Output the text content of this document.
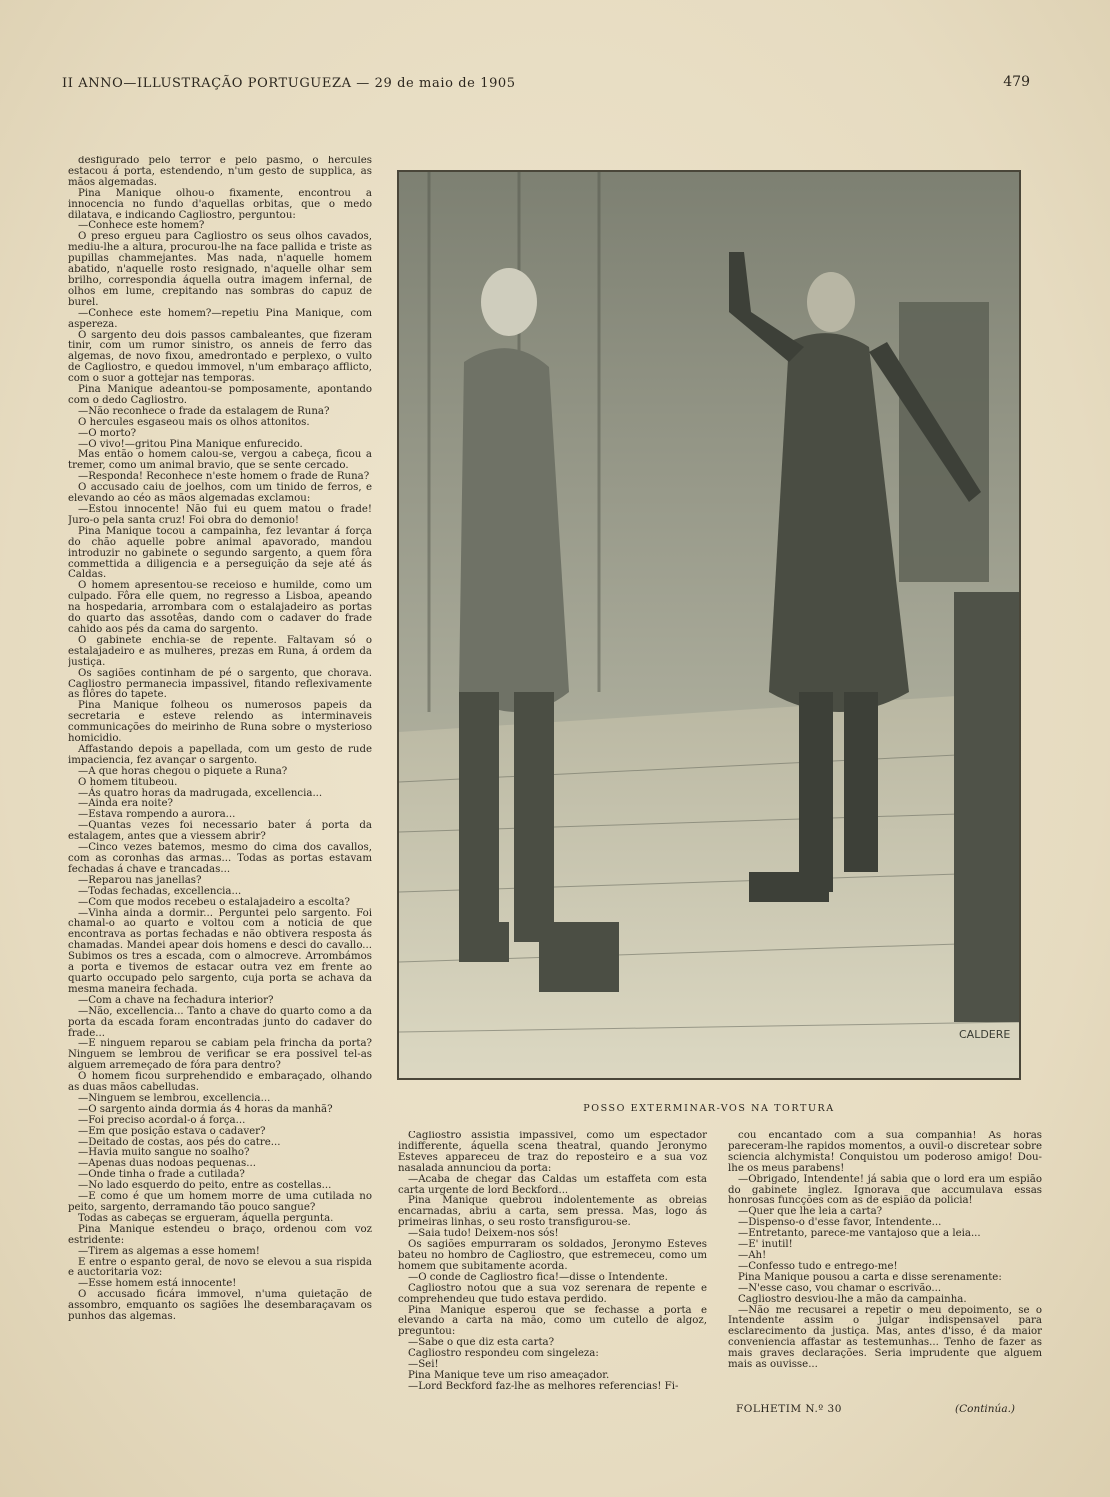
II ANNO—ILLUSTRAÇÃO PORTUGUEZA — 29 de maio de 1905	479

desfigurado pelo terror e pelo pasmo, o hercules estacou á porta, estendendo, n'um gesto de supplica, as mãos algemadas.

Pina Manique olhou-o fixamente, encontrou a innocencia no fundo d'aquellas orbitas, que o medo dilatava, e indicando Cagliostro, perguntou:

—Conhece este homem?

O preso ergueu para Cagliostro os seus olhos cavados, mediu-lhe a altura, procurou-lhe na face pallida e triste as pupillas chammejantes. Mas nada, n'aquelle homem abatido, n'aquelle rosto resignado, n'aquelle olhar sem brilho, correspondia áquella outra imagem infernal, de olhos em lume, crepitando nas sombras do capuz de burel.

—Conhece este homem?—repetiu Pina Manique, com aspereza.

O sargento deu dois passos cambaleantes, que fizeram tinir, com um rumor sinistro, os anneis de ferro das algemas, de novo fixou, amedrontado e perplexo, o vulto de Cagliostro, e quedou immovel, n'um embaraço afflicto, com o suor a gottejar nas temporas.

Pina Manique adeantou-se pomposamente, apontando com o dedo Cagliostro.

—Não reconhece o frade da estalagem de Runa?

O hercules esgaseou mais os olhos attonitos.

—O morto?

—O vivo!—gritou Pina Manique enfurecido.

Mas então o homem calou-se, vergou a cabeça, ficou a tremer, como um animal bravio, que se sente cercado.

—Responda! Reconhece n'este homem o frade de Runa?

O accusado caiu de joelhos, com um tinido de ferros, e elevando ao céo as mãos algemadas exclamou:

—Estou innocente! Não fui eu quem matou o frade! Juro-o pela santa cruz! Foi obra do demonio!

Pina Manique tocou a campainha, fez levantar á força do chão aquelle pobre animal apavorado, mandou introduzir no gabinete o segundo sargento, a quem fôra commettida a diligencia e a perseguição da seje até ás Caldas.

O homem apresentou-se receioso e humilde, como um culpado. Fôra elle quem, no regresso a Lisboa, apeando na hospedaria, arrombara com o estalajadeiro as portas do quarto das assotêas, dando com o cadaver do frade cahido aos pés da cama do sargento.

O gabinete enchia-se de repente. Faltavam só o estalajadeiro e as mulheres, prezas em Runa, á ordem da justiça.

Os sagiões continham de pé o sargento, que chorava. Cagliostro permanecia impassivel, fitando reflexivamente as flôres do tapete.

Pina Manique folheou os numerosos papeis da secretaria e esteve relendo as interminaveis communicações do meirinho de Runa sobre o mysterioso homicidio.

Affastando depois a papellada, com um gesto de rude impaciencia, fez avançar o sargento.

—A que horas chegou o piquete a Runa?

O homem titubeou.

—Ás quatro horas da madrugada, excellencia...

—Ainda era noite?

—Estava rompendo a aurora...

—Quantas vezes foi necessario bater á porta da estalagem, antes que a viessem abrir?

—Cinco vezes batemos, mesmo do cima dos cavallos, com as coronhas das armas... Todas as portas estavam fechadas á chave e trancadas...

—Reparou nas janellas?

—Todas fechadas, excellencia...

—Com que modos recebeu o estalajadeiro a escolta?

—Vinha ainda a dormir... Perguntei pelo sargento. Foi chamal-o ao quarto e voltou com a noticia de que encontrava as portas fechadas e não obtivera resposta ás chamadas. Mandei apear dois homens e desci do cavallo... Subimos os tres a escada, com o almocreve. Arrombámos a porta e tivemos de estacar outra vez em frente ao quarto occupado pelo sargento, cuja porta se achava da mesma maneira fechada.

—Com a chave na fechadura interior?

—Não, excellencia... Tanto a chave do quarto como a da porta da escada foram encontradas junto do cadaver do frade...

—E ninguem reparou se cabiam pela frincha da porta? Ninguem se lembrou de verificar se era possivel tel-as alguem arremeçado de fóra para dentro?

O homem ficou surprehendido e embaraçado, olhando as duas mãos cabelludas.

—Ninguem se lembrou, excellencia...

—O sargento ainda dormia ás 4 horas da manhã?

—Foi preciso acordal-o á força...

—Em que posição estava o cadaver?

—Deitado de costas, aos pés do catre...

—Havia muito sangue no soalho?

—Apenas duas nodoas pequenas...

—Onde tinha o frade a cutilada?

—No lado esquerdo do peito, entre as costellas...

—E como é que um homem morre de uma cutilada no peito, sargento, derramando tão pouco sangue?

Todas as cabeças se ergueram, áquella pergunta.

Pina Manique estendeu o braço, ordenou com voz estridente:

—Tirem as algemas a esse homem!

E entre o espanto geral, de novo se elevou a sua rispida e auctoritaria voz:

—Esse homem está innocente!

O accusado ficára immovel, n'uma quietação de assombro, emquanto os sagiões lhe desembaraçavam os punhos das algemas.

CALDERE
POSSO EXTERMINAR-VOS NA TORTURA

Cagliostro assistia impassivel, como um espectador indifferente, áquella scena theatral, quando Jeronymo Esteves appareceu de traz do reposteiro e a sua voz nasalada annunciou da porta:

—Acaba de chegar das Caldas um estaffeta com esta carta urgente de lord Beckford...

Pina Manique quebrou indolentemente as obreias encarnadas, abriu a carta, sem pressa. Mas, logo ás primeiras linhas, o seu rosto transfigurou-se.

—Saia tudo! Deixem-nos sós!

Os sagiões empurraram os soldados, Jeronymo Esteves bateu no hombro de Cagliostro, que estremeceu, como um homem que subitamente acorda.

—O conde de Cagliostro fica!—disse o Intendente.

Cagliostro notou que a sua voz serenara de repente e comprehendeu que tudo estava perdido.

Pina Manique esperou que se fechasse a porta e elevando a carta na mão, como um cutello de algoz, preguntou:

—Sabe o que diz esta carta?

Cagliostro respondeu com singeleza:

—Sei!

Pina Manique teve um riso ameaçador.

—Lord Beckford faz-lhe as melhores referencias! Fi-

cou encantado com a sua companhia! As horas pareceram-lhe rapidos momentos, a ouvil-o discretear sobre sciencia alchymista! Conquistou um poderoso amigo! Dou-lhe os meus parabens!

—Obrigado, Intendente! já sabia que o lord era um espião do gabinete inglez. Ignorava que accumulava essas honrosas funcções com as de espião da policia!

—Quer que lhe leia a carta?

—Dispenso-o d'esse favor, Intendente...

—Entretanto, parece-me vantajoso que a leia...

—E' inutil!

—Ah!

—Confesso tudo e entrego-me!

Pina Manique pousou a carta e disse serenamente:

—N'esse caso, vou chamar o escrivão...

Cagliostro desviou-lhe a mão da campainha.

—Não me recusarei a repetir o meu depoimento, se o Intendente assim o julgar indispensavel para esclarecimento da justiça. Mas, antes d'isso, é da maior conveniencia affastar as testemunhas... Tenho de fazer as mais graves declarações. Seria imprudente que alguem mais as ouvisse...

FOLHETIM N.º 30	(Continúa.)
